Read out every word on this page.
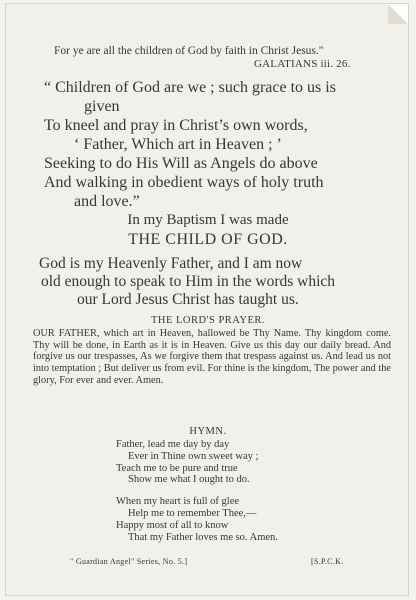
For ye are all the children of God by faith in Christ Jesus."
GALATIANS iii. 26.
“ Children of God are we ; such grace to us is
given
To kneel and pray in Christ’s own words,
‘ Father, Which art in Heaven ; ’
Seeking to do His Will as Angels do above
And walking in obedient ways of holy truth
and love.”
In my Baptism I was made
THE CHILD OF GOD.
God is my Heavenly Father, and I am now
old enough to speak to Him in the words which
our Lord Jesus Christ has taught us.
THE LORD'S PRAYER.
OUR FATHER, which art in Heaven, hallowed be Thy Name. Thy kingdom come. Thy will be done, in Earth as it is in Heaven. Give us this day our daily bread. And forgive us our trespasses, As we forgive them that trespass against us. And lead us not into temptation ; But deliver us from evil. For thine is the kingdom, The power and the glory, For ever and ever. Amen.
HYMN.
Father, lead me day by day
Ever in Thine own sweet way ;
Teach me to be pure and true
Show me what I ought to do.
When my heart is full of glee
Help me to remember Thee,—
Happy most of all to know
That my Father loves me so. Amen.
" Guardian Angel" Series, No. 5.]	[S.P.C.K.
